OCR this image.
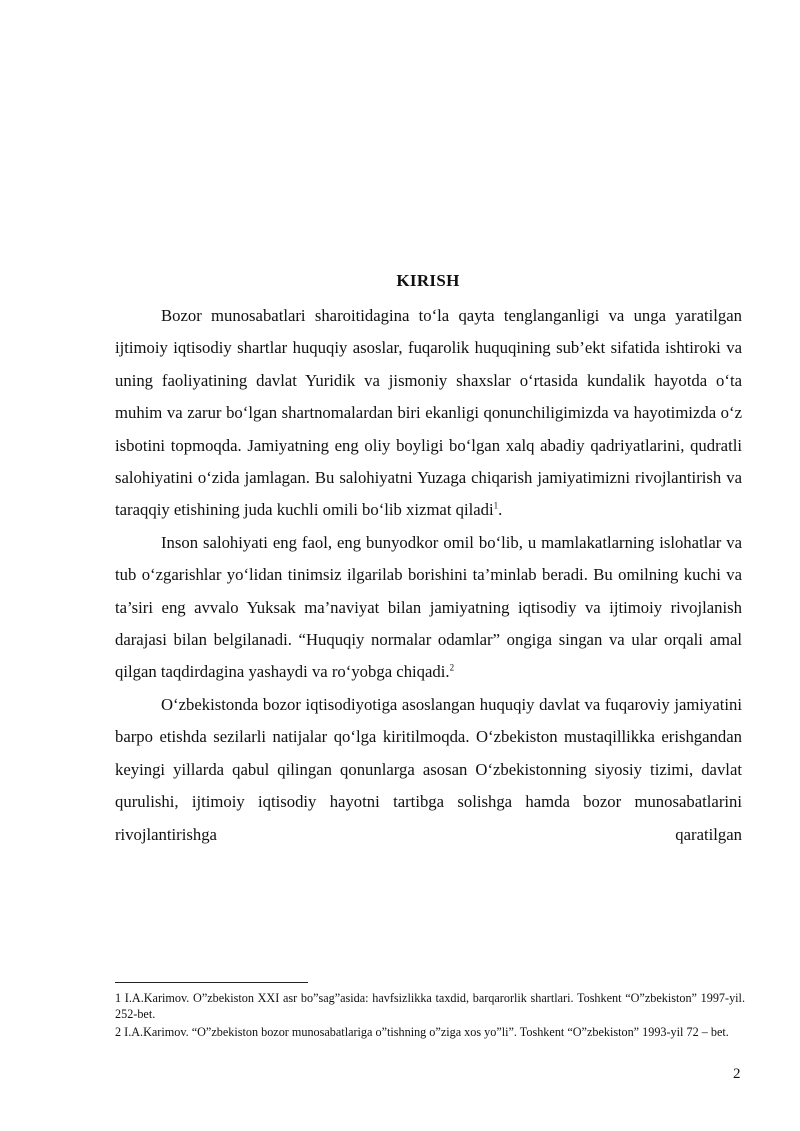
KIRISH

Bozor munosabatlari sharoitidagina to‘la qayta tenglanganligi va unga yaratilgan ijtimoiy iqtisodiy shartlar huquqiy asoslar, fuqarolik huquqining sub’ekt sifatida ishtiroki va uning faoliyatining davlat Yuridik va jismoniy shaxslar o‘rtasida kundalik hayotda o‘ta muhim va zarur bo‘lgan shartnomalardan biri ekanligi qonunchiligimizda va hayotimizda o‘z isbotini topmoqda. Jamiyatning eng oliy boyligi bo‘lgan xalq abadiy qadriyatlarini, qudratli salohiyatini o‘zida jamlagan. Bu salohiyatni Yuzaga chiqarish jamiyatimizni rivojlantirish va taraqqiy etishining juda kuchli omili bo‘lib xizmat qiladi$^1$.

Inson salohiyati eng faol, eng bunyodkor omil bo‘lib, u mamlakatlarning islohatlar va tub o‘zgarishlar yo‘lidan tinimsiz ilgarilab borishini ta’minlab beradi. Bu omilning kuchi va ta’siri eng avvalo Yuksak ma’naviyat bilan jamiyatning iqtisodiy va ijtimoiy rivojlanish darajasi bilan belgilanadi. “Huquqiy normalar odamlar” ongiga singan va ular orqali amal qilgan taqdirdagina yashaydi va ro‘yobga chiqadi.$^2$

O‘zbekistonda bozor iqtisodiyotiga asoslangan huquqiy davlat va fuqaroviy jamiyatini barpo etishda sezilarli natijalar qo‘lga kiritilmoqda. O‘zbekiston mustaqillikka erishgandan keyingi yillarda qabul qilingan qonunlarga asosan O‘zbekistonning siyosiy tizimi, davlat qurulishi, ijtimoiy iqtisodiy hayotni tartibga solishga hamda bozor munosabatlarini rivojlantirishga qaratilgan

1 I.A.Karimov. O”zbekiston XXI asr bo”sag”asida: havfsizlikka taxdid, barqarorlik shartlari. Toshkent “O”zbekiston” 1997-yil. 252-bet.

2 I.A.Karimov. “O”zbekiston bozor munosabatlariga o”tishning o”ziga xos yo”li”. Toshkent “O”zbekiston” 1993-yil 72 – bet.

2
